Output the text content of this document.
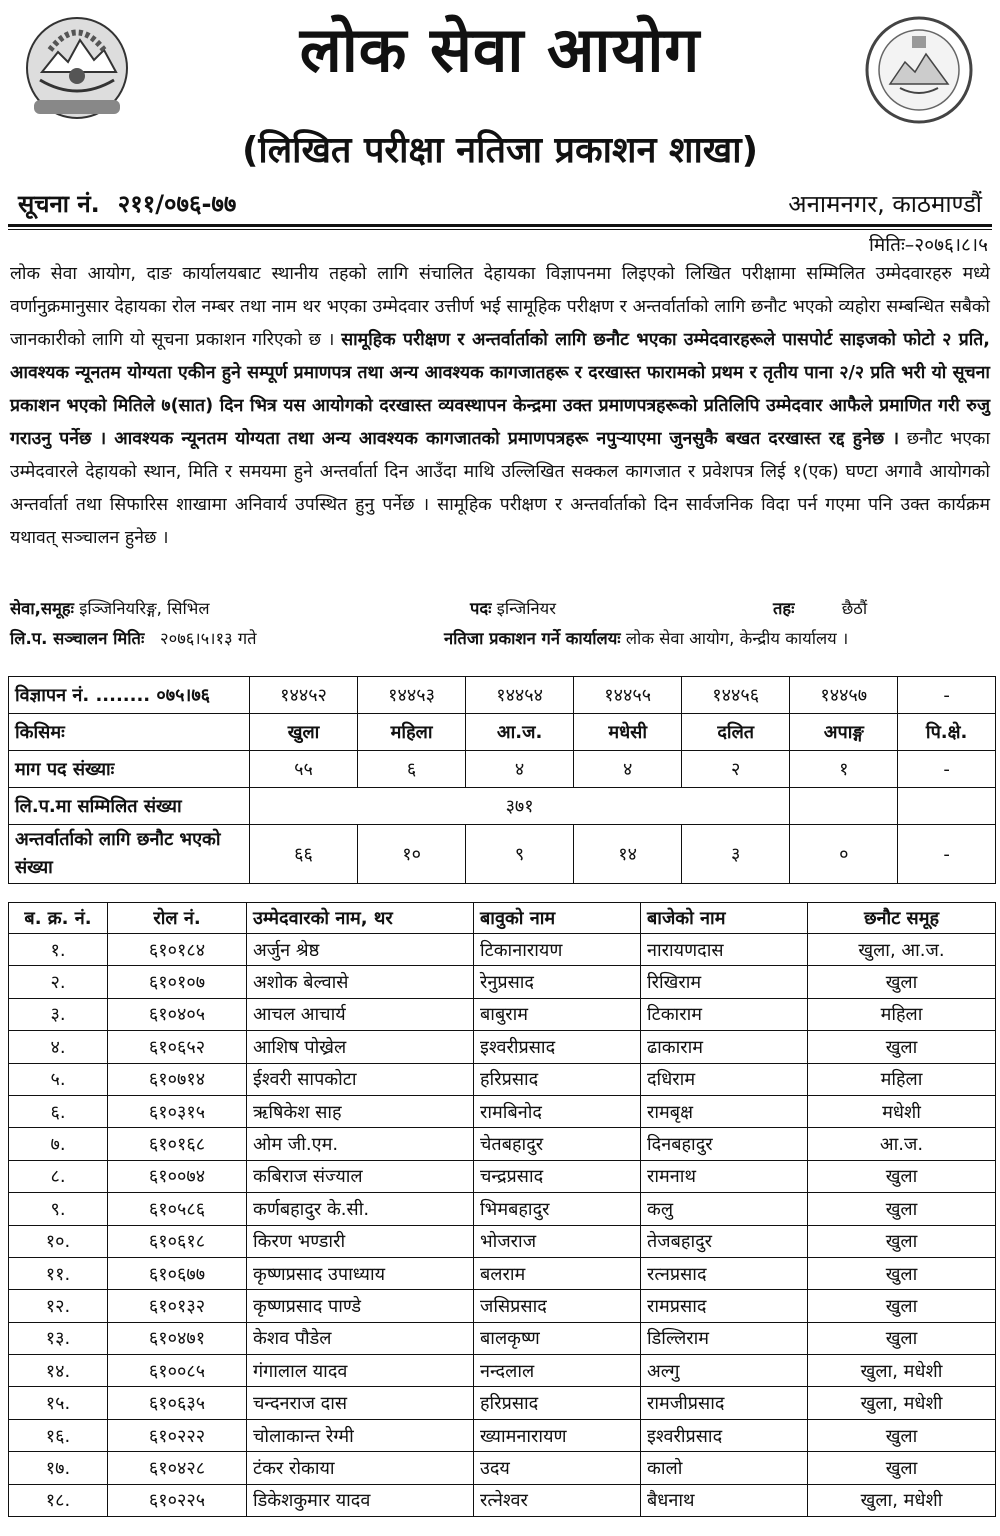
लोक सेवा आयोग
(लिखित परीक्षा नतिजा प्रकाशन शाखा)
सूचना नं. २११/०७६-७७	अनामनगर, काठमाण्डौं
मितिः–२०७६।८।५
लोक सेवा आयोग, दाङ कार्यालयबाट स्थानीय तहको लागि संचालित देहायका विज्ञापनमा लिइएको लिखित परीक्षामा सम्मिलित उम्मेदवारहरु मध्ये वर्णानुक्रमानुसार देहायका रोल नम्बर तथा नाम थर भएका उम्मेदवार उत्तीर्ण भई सामूहिक परीक्षण र अन्तर्वार्ताको लागि छनौट भएको व्यहोरा सम्बन्धित सबैको जानकारीको लागि यो सूचना प्रकाशन गरिएको छ । सामूहिक परीक्षण र अन्तर्वार्ताको लागि छनौट भएका उम्मेदवारहरूले पासपोर्ट साइजको फोटो २ प्रति, आवश्यक न्यूनतम योग्यता एकीन हुने सम्पूर्ण प्रमाणपत्र तथा अन्य आवश्यक कागजातहरू र दरखास्त फारामको प्रथम र तृतीय पाना २/२ प्रति भरी यो सूचना प्रकाशन भएको मितिले ७(सात) दिन भित्र यस आयोगको दरखास्त व्यवस्थापन केन्द्रमा उक्त प्रमाणपत्रहरूको प्रतिलिपि उम्मेदवार आफैले प्रमाणित गरी रुजु गराउनु पर्नेछ । आवश्यक न्यूनतम योग्यता तथा अन्य आवश्यक कागजातको प्रमाणपत्रहरू नपुऱ्याएमा जुनसुकै बखत दरखास्त रद्द हुनेछ । छनौट भएका उम्मेदवारले देहायको स्थान, मिति र समयमा हुने अन्तर्वार्ता दिन आउँदा माथि उल्लिखित सक्कल कागजात र प्रवेशपत्र लिई १(एक) घण्टा अगावै आयोगको अन्तर्वार्ता तथा सिफारिस शाखामा अनिवार्य उपस्थित हुनु पर्नेछ । सामूहिक परीक्षण र अन्तर्वार्ताको दिन सार्वजनिक विदा पर्न गएमा पनि उक्त कार्यक्रम यथावत् सञ्चालन हुनेछ ।
सेवा,समूहः इञ्जिनियरिङ्ग, सिभिल	पदः इन्जिनियर	तहः	छैठौं
लि.प. सञ्चालन मितिः २०७६।५।१३ गते	नतिजा प्रकाशन गर्ने कार्यालयः लोक सेवा आयोग, केन्द्रीय कार्यालय ।
विज्ञापन नं. ........ ०७५।७६	१४४५२	१४४५३	१४४५४	१४४५५	१४४५६	१४४५७	-
किसिमः	खुला	महिला	आ.ज.	मधेसी	दलित	अपाङ्ग	पि.क्षे.
माग पद संख्याः	५५	६	४	४	२	१	-
लि.प.मा सम्मिलित संख्या	३७१						
अन्तर्वार्ताको लागि छनौट भएको संख्या	६६	१०	९	१४	३	०	-
ब. क्र. नं.	रोल नं.	उम्मेदवारको नाम, थर	बावुको नाम	बाजेको नाम	छनौट समूह
१.	६१०१८४	अर्जुन श्रेष्ठ	टिकानारायण	नारायणदास	खुला, आ.ज.
२.	६१०१०७	अशोक बेल्वासे	रेनुप्रसाद	रिखिराम	खुला
३.	६१०४०५	आचल आचार्य	बाबुराम	टिकाराम	महिला
४.	६१०६५२	आशिष पोख्रेल	इश्वरीप्रसाद	ढाकाराम	खुला
५.	६१०७१४	ईश्वरी सापकोटा	हरिप्रसाद	दधिराम	महिला
६.	६१०३१५	ऋषिकेश साह	रामबिनोद	रामबृक्ष	मधेशी
७.	६१०१६८	ओम जी.एम.	चेतबहादुर	दिनबहादुर	आ.ज.
८.	६१००७४	कबिराज संज्याल	चन्द्रप्रसाद	रामनाथ	खुला
९.	६१०५८६	कर्णबहादुर के.सी.	भिमबहादुर	कलु	खुला
१०.	६१०६१८	किरण भण्डारी	भोजराज	तेजबहादुर	खुला
११.	६१०६७७	कृष्णप्रसाद उपाध्याय	बलराम	रत्नप्रसाद	खुला
१२.	६१०१३२	कृष्णप्रसाद पाण्डे	जसिप्रसाद	रामप्रसाद	खुला
१३.	६१०४७१	केशव पौडेल	बालकृष्ण	डिल्लिराम	खुला
१४.	६१००८५	गंगालाल यादव	नन्दलाल	अल्गु	खुला, मधेशी
१५.	६१०६३५	चन्दनराज दास	हरिप्रसाद	रामजीप्रसाद	खुला, मधेशी
१६.	६१०२२२	चोलाकान्त रेग्मी	ख्यामनारायण	इश्वरीप्रसाद	खुला
१७.	६१०४२८	टंकर रोकाया	उदय	कालो	खुला
१८.	६१०२२५	डिकेशकुमार यादव	रत्नेश्वर	बैधनाथ	खुला, मधेशी
